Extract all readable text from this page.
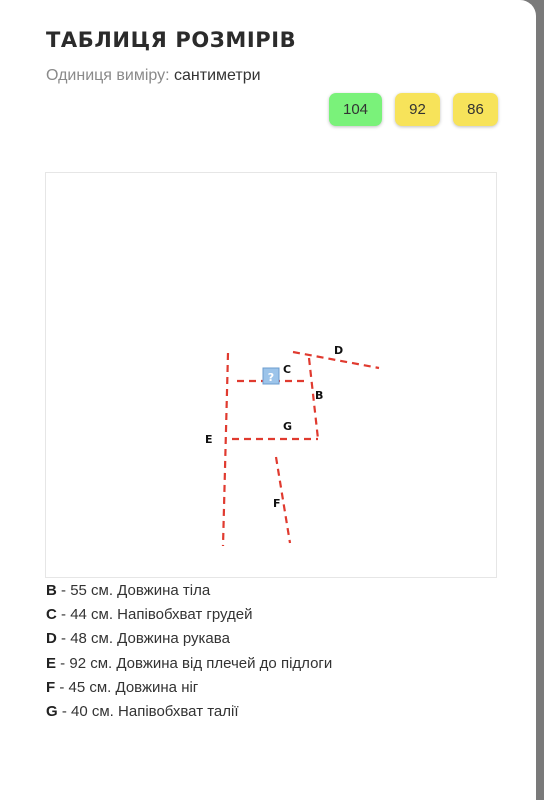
ТАБЛИЦЯ РОЗМІРІВ
Одиниця виміру: сантиметри
104	92	86
?
D
C
B
G
E
F
B - 55 см. Довжина тіла
C - 44 см. Напівобхват грудей
D - 48 см. Довжина рукава
E - 92 см. Довжина від плечей до підлоги
F - 45 см. Довжина ніг
G - 40 см. Напівобхват талії
